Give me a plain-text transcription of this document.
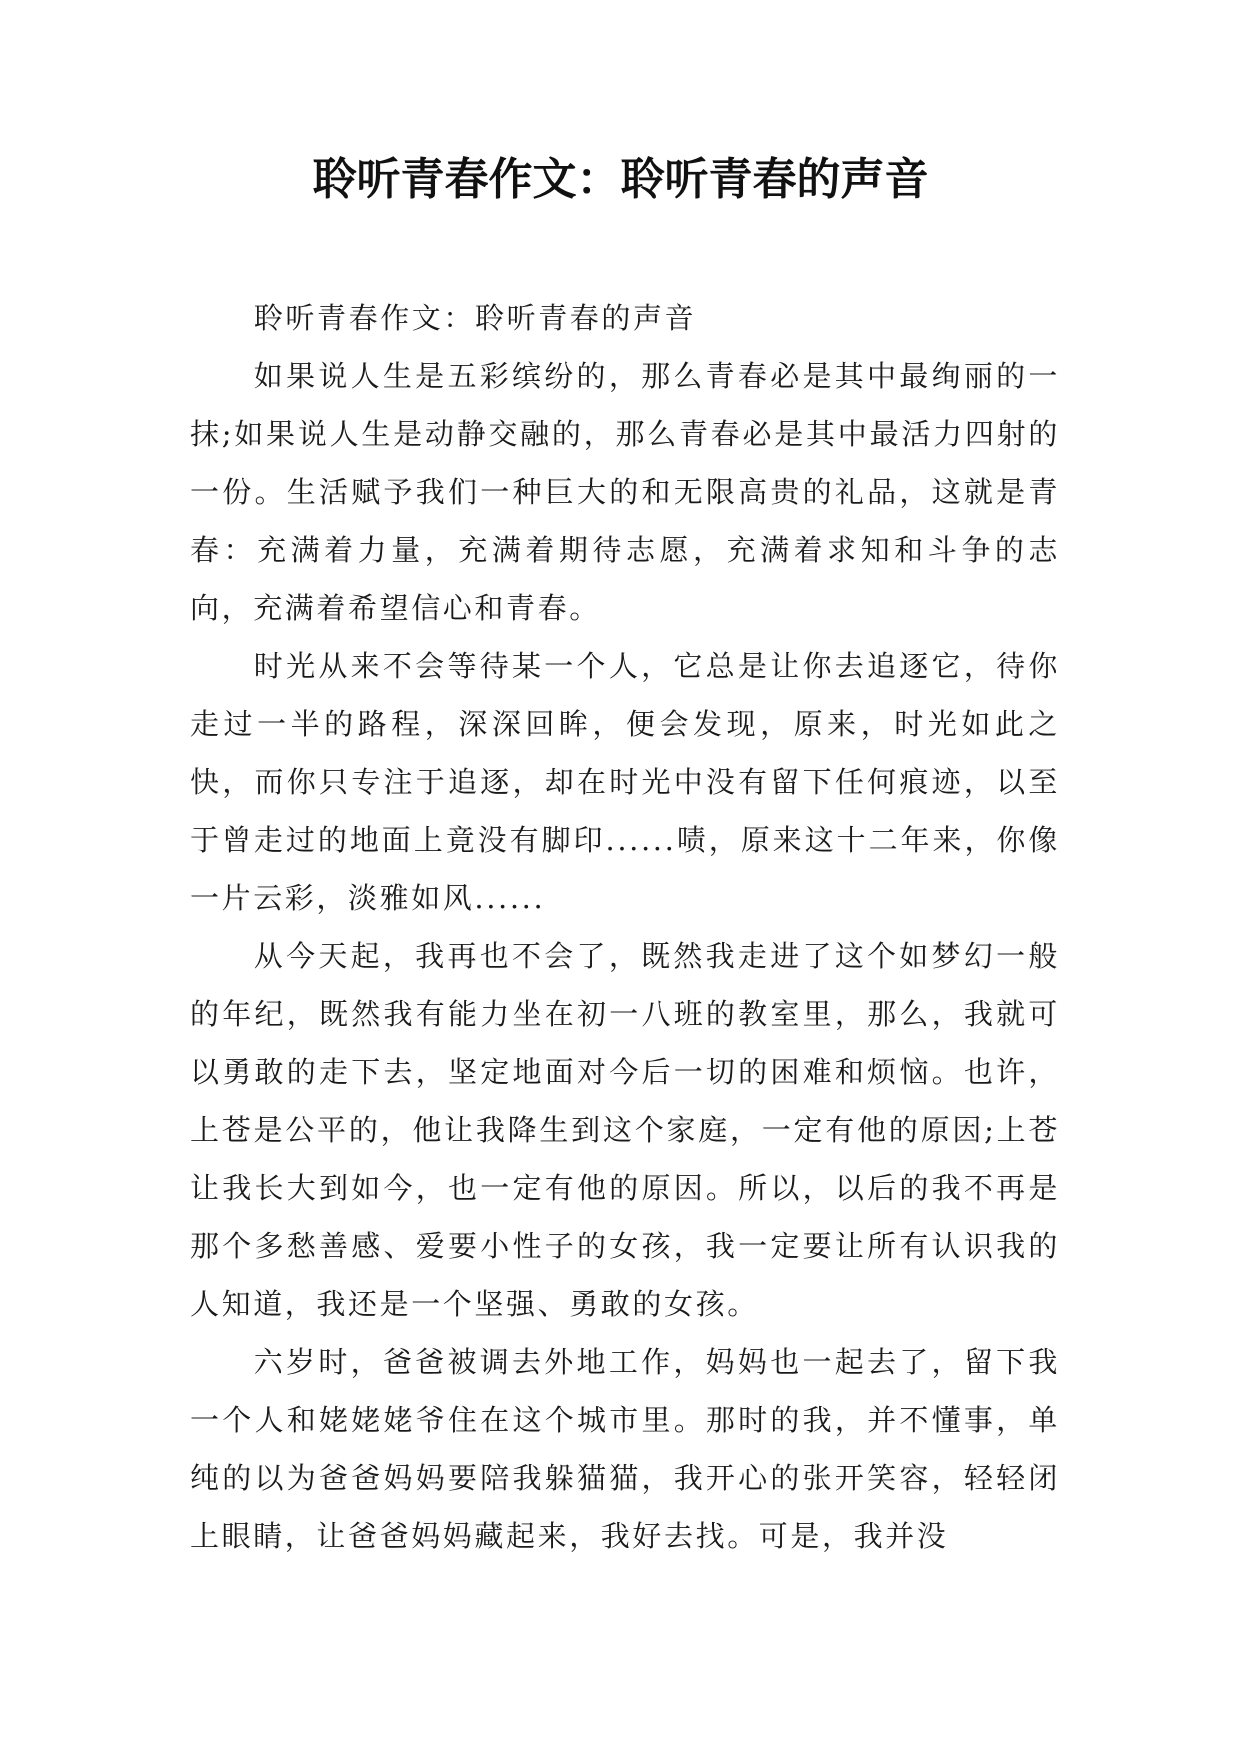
聆听青春作文：聆听青春的声音

聆听青春作文：聆听青春的声音

如果说人生是五彩缤纷的，那么青春必是其中最绚丽的一抹;如果说人生是动静交融的，那么青春必是其中最活力四射的一份。生活赋予我们一种巨大的和无限高贵的礼品，这就是青春：充满着力量，充满着期待志愿，充满着求知和斗争的志向，充满着希望信心和青春。

时光从来不会等待某一个人，它总是让你去追逐它，待你走过一半的路程，深深回眸，便会发现，原来，时光如此之快，而你只专注于追逐，却在时光中没有留下任何痕迹，以至于曾走过的地面上竟没有脚印......啧，原来这十二年来，你像一片云彩，淡雅如风......

从今天起，我再也不会了，既然我走进了这个如梦幻一般的年纪，既然我有能力坐在初一八班的教室里，那么，我就可以勇敢的走下去，坚定地面对今后一切的困难和烦恼。也许，上苍是公平的，他让我降生到这个家庭，一定有他的原因;上苍让我长大到如今，也一定有他的原因。所以，以后的我不再是那个多愁善感、爱要小性子的女孩，我一定要让所有认识我的人知道，我还是一个坚强、勇敢的女孩。

六岁时，爸爸被调去外地工作，妈妈也一起去了，留下我一个人和姥姥姥爷住在这个城市里。那时的我，并不懂事，单纯的以为爸爸妈妈要陪我躲猫猫，我开心的张开笑容，轻轻闭上眼睛，让爸爸妈妈藏起来，我好去找。可是，我并没
